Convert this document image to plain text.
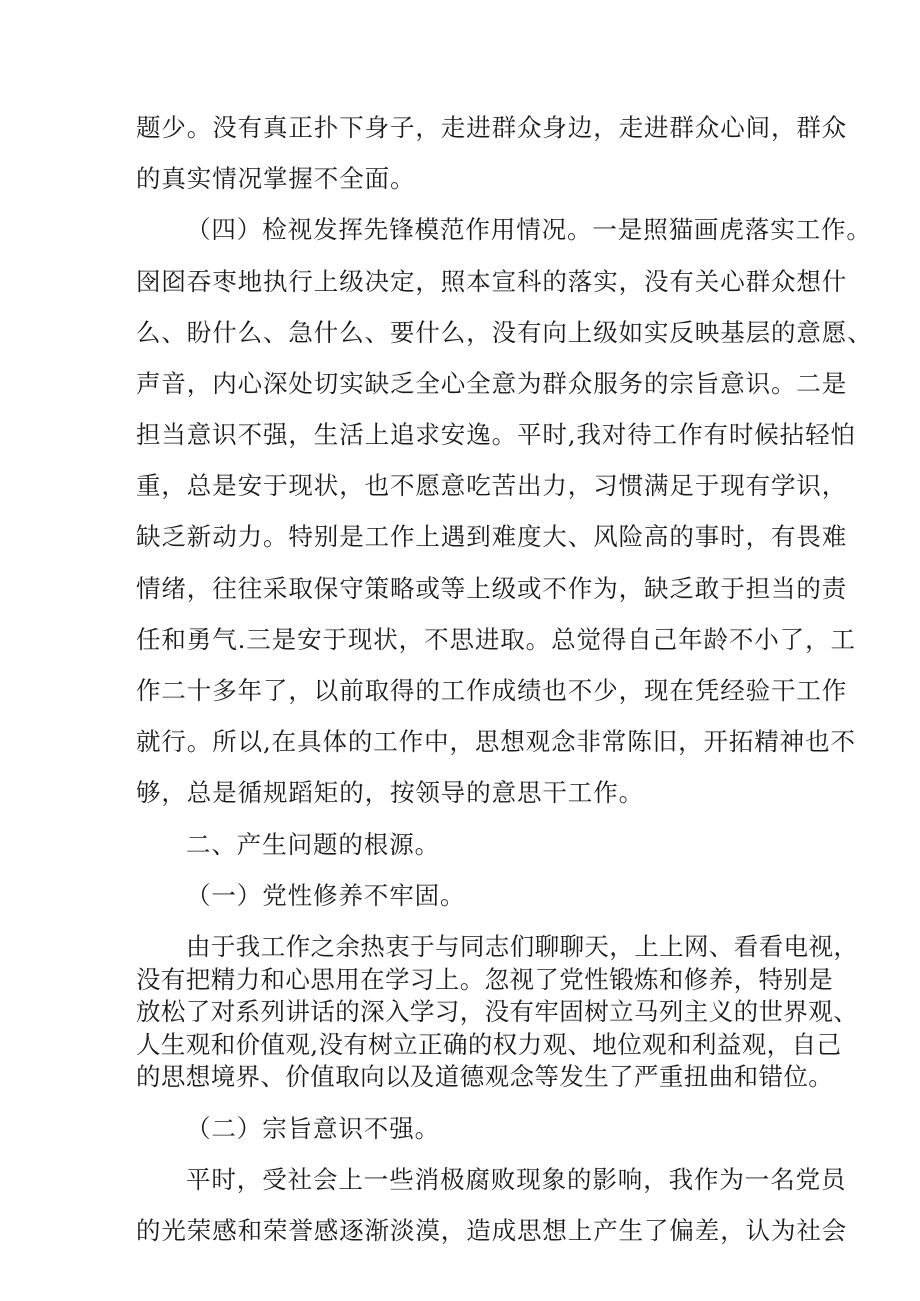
题少。没有真正扑下身子，走进群众身边，走进群众心间，群众
的真实情况掌握不全面。
（四）检视发挥先锋模范作用情况。一是照猫画虎落实工作。
囹囵吞枣地执行上级决定，照本宣科的落实，没有关心群众想什
么、盼什么、急什么、要什么，没有向上级如实反映基层的意愿、
声音，内心深处切实缺乏全心全意为群众服务的宗旨意识。二是
担当意识不强，生活上追求安逸。平时,我对待工作有时候拈轻怕
重，总是安于现状，也不愿意吃苦出力，习惯满足于现有学识，
缺乏新动力。特别是工作上遇到难度大、风险高的事时，有畏难
情绪，往往采取保守策略或等上级或不作为，缺乏敢于担当的责
任和勇气.三是安于现状，不思进取。总觉得自己年龄不小了，工
作二十多年了，以前取得的工作成绩也不少，现在凭经验干工作
就行。所以,在具体的工作中，思想观念非常陈旧，开拓精神也不
够，总是循规蹈矩的，按领导的意思干工作。
二、产生问题的根源。
（一）党性修养不牢固。
由于我工作之余热衷于与同志们聊聊天，上上网、看看电视，
没有把精力和心思用在学习上。忽视了党性锻炼和修养，特别是
放松了对系列讲话的深入学习，没有牢固树立马列主义的世界观、
人生观和价值观,没有树立正确的权力观、地位观和利益观，自己
的思想境界、价值取向以及道德观念等发生了严重扭曲和错位。
（二）宗旨意识不强。
平时，受社会上一些消极腐败现象的影响，我作为一名党员
的光荣感和荣誉感逐渐淡漠，造成思想上产生了偏差，认为社会
